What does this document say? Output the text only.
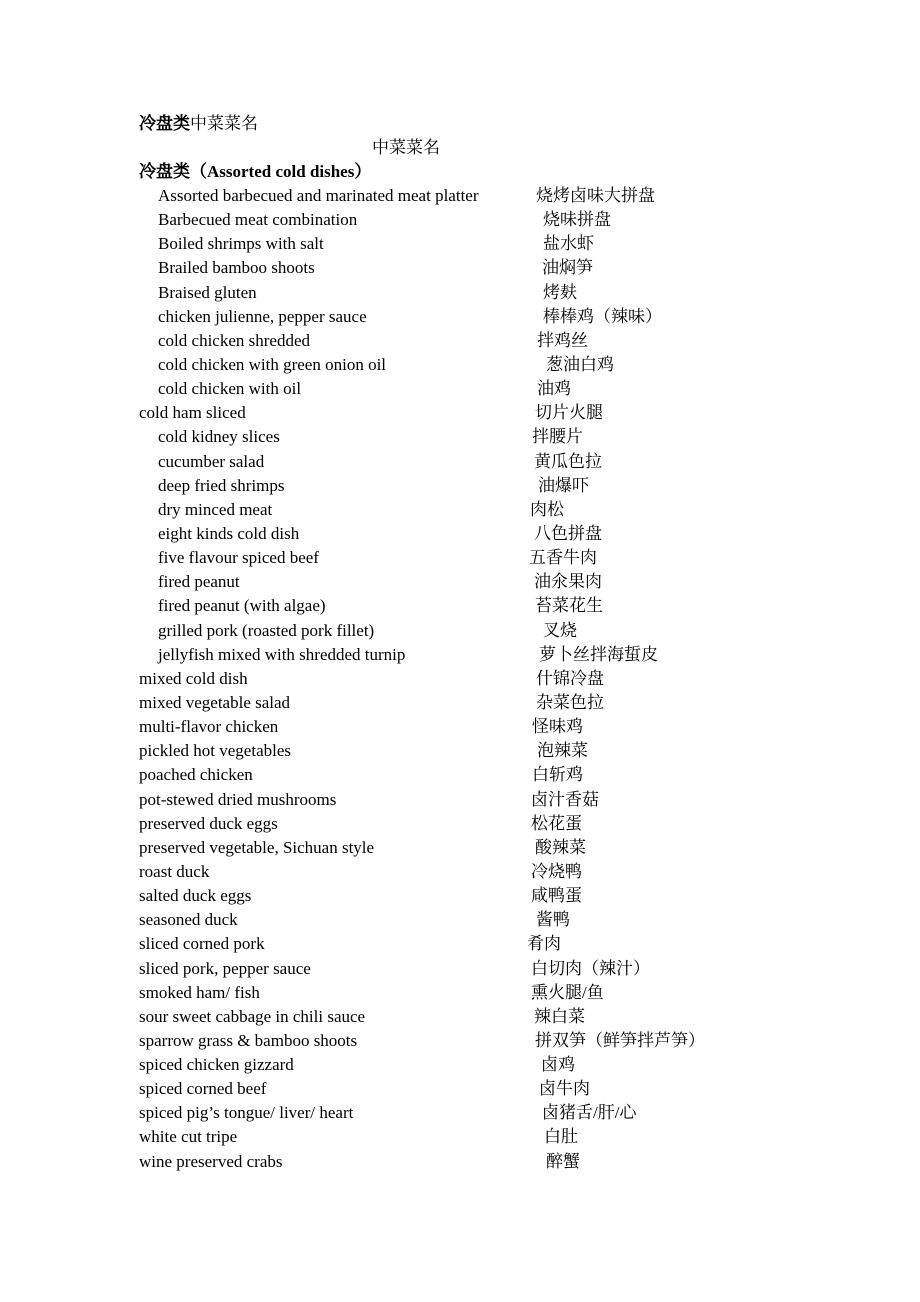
冷盘类中菜菜名
中菜菜名
冷盘类（Assorted cold dishes）
Assorted barbecued and marinated meat platter	烧烤卤味大拼盘
Barbecued meat combination	烧味拼盘
Boiled shrimps with salt	盐水虾
Brailed bamboo shoots	油焖笋
Braised gluten	烤麸
chicken julienne, pepper sauce	棒棒鸡（辣味）
cold chicken shredded	拌鸡丝
cold chicken with green onion oil	葱油白鸡
cold chicken with oil	油鸡
cold ham sliced	切片火腿
cold kidney slices	拌腰片
cucumber salad	黄瓜色拉
deep fried shrimps	油爆吓
dry minced meat	肉松
eight kinds cold dish	八色拼盘
five flavour spiced beef	五香牛肉
fired peanut	油氽果肉
fired peanut (with algae)	苔菜花生
grilled pork (roasted pork fillet)	叉烧
jellyfish mixed with shredded turnip	萝卜丝拌海蜇皮
mixed cold dish	什锦冷盘
mixed vegetable salad	杂菜色拉
multi-flavor chicken	怪味鸡
pickled hot vegetables	泡辣菜
poached chicken	白斩鸡
pot-stewed dried mushrooms	卤汁香菇
preserved duck eggs	松花蛋
preserved vegetable, Sichuan style	酸辣菜
roast duck	冷烧鸭
salted duck eggs	咸鸭蛋
seasoned duck	酱鸭
sliced corned pork	肴肉
sliced pork, pepper sauce	白切肉（辣汁）
smoked ham/ fish	熏火腿/鱼
sour sweet cabbage in chili sauce	辣白菜
sparrow grass & bamboo shoots	拼双笋（鲜笋拌芦笋）
spiced chicken gizzard	卤鸡
spiced corned beef	卤牛肉
spiced pig’s tongue/ liver/ heart	卤猪舌/肝/心
white cut tripe	白肚
wine preserved crabs	醉蟹
